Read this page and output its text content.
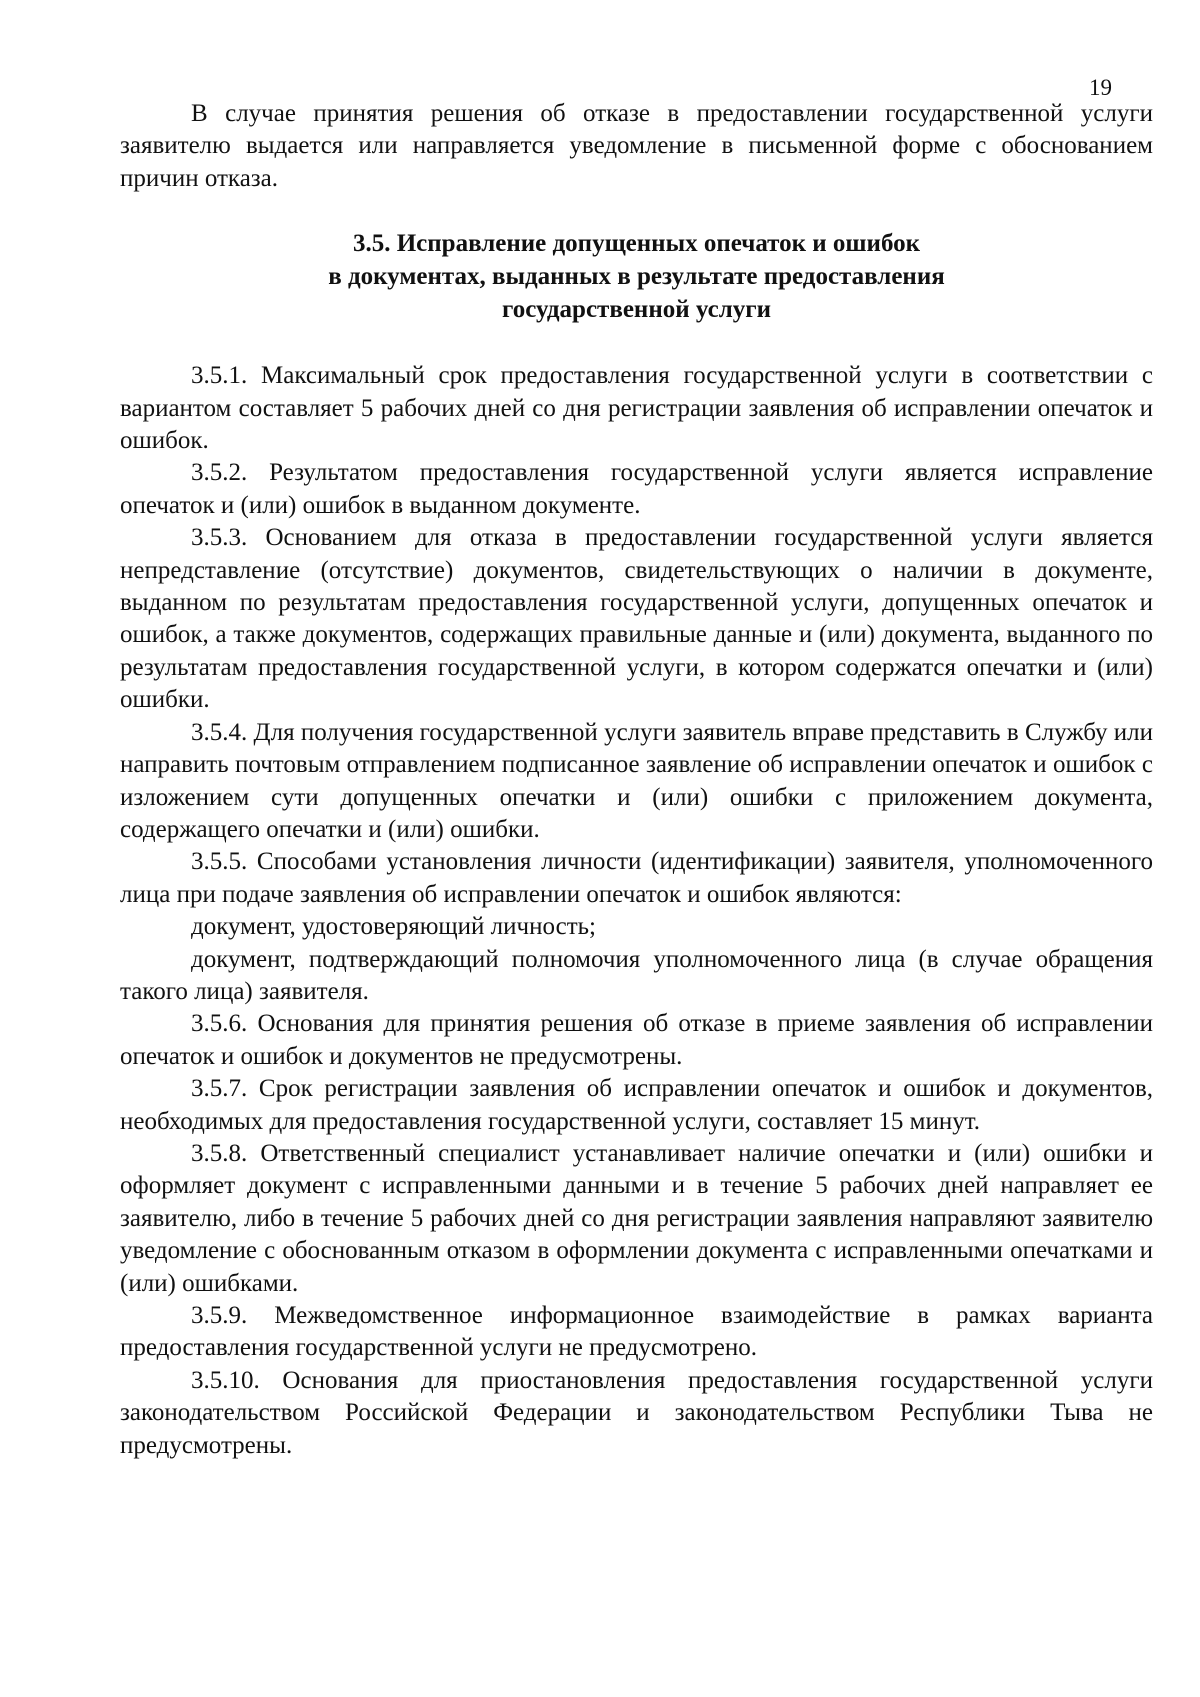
19

В случае принятия решения об отказе в предоставлении государственной услуги заявителю выдается или направляется уведомление в письменной форме с обоснованием причин отказа.

3.5. Исправление допущенных опечаток и ошибок
в документах, выданных в результате предоставления
государственной услуги

3.5.1. Максимальный срок предоставления государственной услуги в соответствии с вариантом составляет 5 рабочих дней со дня регистрации заявления об исправлении опечаток и ошибок.

3.5.2. Результатом предоставления государственной услуги является исправление опечаток и (или) ошибок в выданном документе.

3.5.3. Основанием для отказа в предоставлении государственной услуги является непредставление (отсутствие) документов, свидетельствующих о наличии в документе, выданном по результатам предоставления государственной услуги, допущенных опечаток и ошибок, а также документов, содержащих правильные данные и (или) документа, выданного по результатам предоставления государственной услуги, в котором содержатся опечатки и (или) ошибки.

3.5.4. Для получения государственной услуги заявитель вправе представить в Службу или направить почтовым отправлением подписанное заявление об исправлении опечаток и ошибок с изложением сути допущенных опечатки и (или) ошибки с приложением документа, содержащего опечатки и (или) ошибки.

3.5.5. Способами установления личности (идентификации) заявителя, уполномоченного лица при подаче заявления об исправлении опечаток и ошибок являются:

документ, удостоверяющий личность;

документ, подтверждающий полномочия уполномоченного лица (в случае обращения такого лица) заявителя.

3.5.6. Основания для принятия решения об отказе в приеме заявления об исправлении опечаток и ошибок и документов не предусмотрены.

3.5.7. Срок регистрации заявления об исправлении опечаток и ошибок и документов, необходимых для предоставления государственной услуги, составляет 15 минут.

3.5.8. Ответственный специалист устанавливает наличие опечатки и (или) ошибки и оформляет документ с исправленными данными и в течение 5 рабочих дней направляет ее заявителю, либо в течение 5 рабочих дней со дня регистрации заявления направляют заявителю уведомление с обоснованным отказом в оформлении документа с исправленными опечатками и (или) ошибками.

3.5.9. Межведомственное информационное взаимодействие в рамках варианта предоставления государственной услуги не предусмотрено.

3.5.10. Основания для приостановления предоставления государственной услуги законодательством Российской Федерации и законодательством Республики Тыва не предусмотрены.
